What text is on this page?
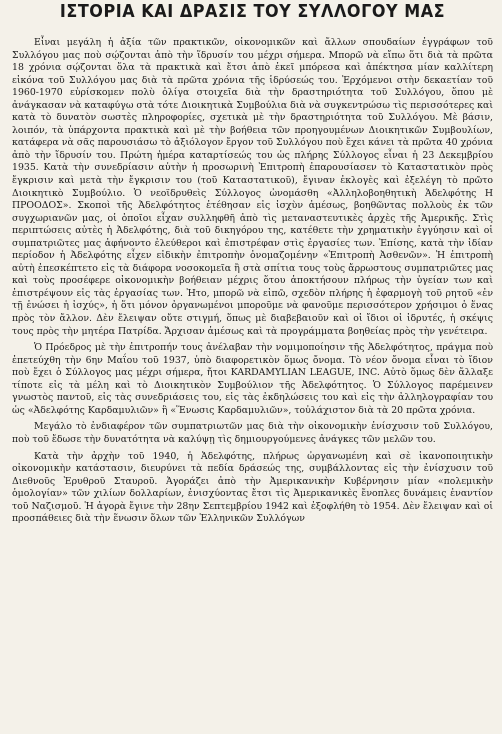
ΙΣΤΟΡΙΑ ΚΑΙ ΔΡΑΣΙΣ ΤΟΥ ΣΥΛΛΟΓΟΥ ΜΑΣ

Εἶναι μεγάλη ἡ ἀξία τῶν πρακτικῶν, οἰκονομικῶν καὶ ἄλλων σπουδαίων ἐγγράφων τοῦ Συλλόγου μας ποὺ σῴζονται ἀπὸ τὴν ἵδρυσίν του μέχρι σήμερα. Μπορῶ νὰ εἴπω ὅτι διὰ τὰ πρῶτα 18 χρόνια σῴζονται ὅλα τὰ πρακτικὰ καὶ ἔτσι ἀπὸ ἐκεῖ μπόρεσα καὶ ἀπέκτησα μίαν καλλίτερη εἰκόνα τοῦ Συλλόγου μας διὰ τὰ πρῶτα χρόνια τῆς ἱδρύσεώς του. Ἐρχόμενοι στὴν δεκαετίαν τοῦ 1960-1970 εὑρίσκομεν πολὺ ὀλίγα στοιχεῖα διὰ τὴν δραστηριότητα τοῦ Συλλόγου, ὅπου μὲ ἀνάγκασαν νὰ καταφύγω στὰ τότε Διοικητικὰ Συμβούλια διὰ νὰ συγκεντρώσω τὶς περισσότερες καὶ κατὰ τὸ δυνατὸν σωστὲς πληροφορίες, σχετικὰ μὲ τὴν δραστηριότητα τοῦ Συλλόγου. Μὲ βάσιν, λοιπόν, τὰ ὑπάρχοντα πρακτικὰ καὶ μὲ τὴν βοήθεια τῶν προηγουμένων Διοικητικῶν Συμβουλίων, κατάφερα νὰ σᾶς παρουσιάσω τὸ ἀξιόλογον ἔργον τοῦ Συλλόγου ποὺ ἔχει κάνει τὰ πρῶτα 40 χρόνια ἀπὸ τὴν ἵδρυσίν του. Πρώτη ἡμέρα καταρτίσεώς του ὡς πλήρης Σύλλογος εἶναι ἡ 23 Δεκεμβρίου 1935. Κατὰ τὴν συνεδρίασιν αὐτὴν ἡ προσωρινὴ Ἐπιτροπὴ ἐπαρουσίασεν τὸ Καταστατικὸν πρὸς ἔγκρισιν καὶ μετὰ τὴν ἔγκρισιν του (τοῦ Καταστατικοῦ), ἔγιναν ἐκλογὲς καὶ ἐξελέγη τὸ πρῶτο Διοικητικὸ Συμβούλιο. Ὁ νεοϊδρυθεὶς Σύλλογος ὠνομάσθη «Ἀλληλοβοηθητικὴ Ἀδελφότης Η ΠΡΟΟΔΟΣ». Σκοποὶ τῆς Ἀδελφότητος ἐτέθησαν εἰς ἰσχὺν ἀμέσως, βοηθῶντας πολλοὺς ἐκ τῶν συγχωριανῶν μας, οἱ ὁποῖοι εἶχαν συλληφθῆ ἀπὸ τὶς μεταναστευτικὲς ἀρχὲς τῆς Ἀμερικῆς. Στὶς περιπτώσεις αὐτὲς ἡ Ἀδελφότης, διὰ τοῦ δικηγόρου της, κατέθετε τὴν χρηματικὴν ἐγγύησιν καὶ οἱ συμπατριῶτες μας ἀφήνοντο ἐλεύθεροι καὶ ἐπιστρέφαν στὶς ἐργασίες των. Ἐπίσης, κατὰ τὴν ἰδίαν περίοδον ἡ Ἀδελφότης εἶχεν εἰδικὴν ἐπιτροπὴν ὀνομαζομένην «Ἐπιτροπὴ Ἀσθενῶν». Ἡ ἐπιτροπὴ αὐτὴ ἐπεσκέπτετο εἰς τὰ διάφορα νοσοκομεῖα ἢ στὰ σπίτια τους τοὺς ἄρρωστους συμπατριῶτες μας καὶ τοὺς προσέφερε οἰκονομικὴν βοήθειαν μέχρις ὅτου ἀποκτήσουν πλήρως τὴν ὑγείαν των καὶ ἐπιστρέψουν εἰς τὰς ἐργασίας των. Ἠτο, μπορῶ νὰ εἰπῶ, σχεδὸν πλήρης ἡ ἐφαρμογὴ τοῦ ρητοῦ «ἐν τῇ ἑνώσει ἡ ἰσχύς», ἡ ὅτι μόνον ὀργανωμένοι μποροῦμε νὰ φανοῦμε περισσότερον χρήσιμοι ὁ ἕνας πρὸς τὸν ἄλλον. Δὲν ἔλειψαν οὔτε στιγμή, ὅπως μὲ διαβεβαιοῦν καὶ οἱ ἴδιοι οἱ ἱδρυτές, ἡ σκέψις τους πρὸς τὴν μητέρα Πατρίδα. Ἄρχισαν ἀμέσως καὶ τὰ προγράμματα βοηθείας πρὸς τὴν γενέτειρα.

Ὁ Πρόεδρος μὲ τὴν ἐπιτροπήν τους ἀνέλαβαν τὴν νομιμοποίησιν τῆς Ἀδελφότητος, πράγμα ποὺ ἐπετεύχθη τὴν 6ην Μαΐου τοῦ 1937, ὑπὸ διαφορετικὸν ὅμως ὄνομα. Τὸ νέον ὄνομα εἶναι τὸ ἴδιον ποὺ ἔχει ὁ Σύλλογος μας μέχρι σήμερα, ἤτοι KARDAMYLIAN LEAGUE, INC. Αὐτὸ ὅμως δὲν ἄλλαξε τίποτε εἰς τὰ μέλη καὶ τὸ Διοικητικὸν Συμβούλιον τῆς Ἀδελφότητος. Ὁ Σύλλογος παρέμεινεν γνωστὸς παντοῦ, εἰς τὰς συνεδριάσεις του, εἰς τὰς ἐκδηλώσεις του καὶ εἰς τὴν ἀλληλογραφίαν του ὡς «Ἀδελφότης Καρδαμυλιῶν» ἢ «Ἕνωσις Καρδαμυλιῶν», τοὐλάχιστον διὰ τὰ 20 πρῶτα χρόνια.

Μεγάλο τὸ ἐνδιαφέρον τῶν συμπατριωτῶν μας διὰ τὴν οἰκονομικὴν ἐνίσχυσιν τοῦ Συλλόγου, ποὺ τοῦ ἔδωσε τὴν δυνατότητα νὰ καλύψῃ τὶς δημιουργούμενες ἀνάγκες τῶν μελῶν του.

Κατὰ τὴν ἀρχὴν τοῦ 1940, ἡ Ἀδελφότης, πλήρως ὠργανωμένη καὶ σὲ ἱκανοποιητικὴν οἰκονομικὴν κατάστασιν, διευρύνει τὰ πεδία δράσεώς της, συμβάλλοντας εἰς τὴν ἐνίσχυσιν τοῦ Διεθνοῦς Ἐρυθροῦ Σταυροῦ. Ἀγοράζει ἀπὸ τὴν Ἀμερικανικὴν Κυβέρνησιν μίαν «πολεμικὴν ὁμολογίαν» τῶν χιλίων δολλαρίων, ἐνισχύοντας ἔτσι τὶς Ἀμερικανικὲς ἔνοπλες δυνάμεις ἐναντίον τοῦ Ναζισμοῦ. Ἡ ἀγορὰ ἔγινε τὴν 28ην Σεπτεμβρίου 1942 καὶ ἐξοφλήθη τὸ 1954. Δὲν ἔλειψαν καὶ οἱ προσπάθειες διὰ τὴν ἕνωσιν ὅλων τῶν Ἑλληνικῶν Συλλόγων
